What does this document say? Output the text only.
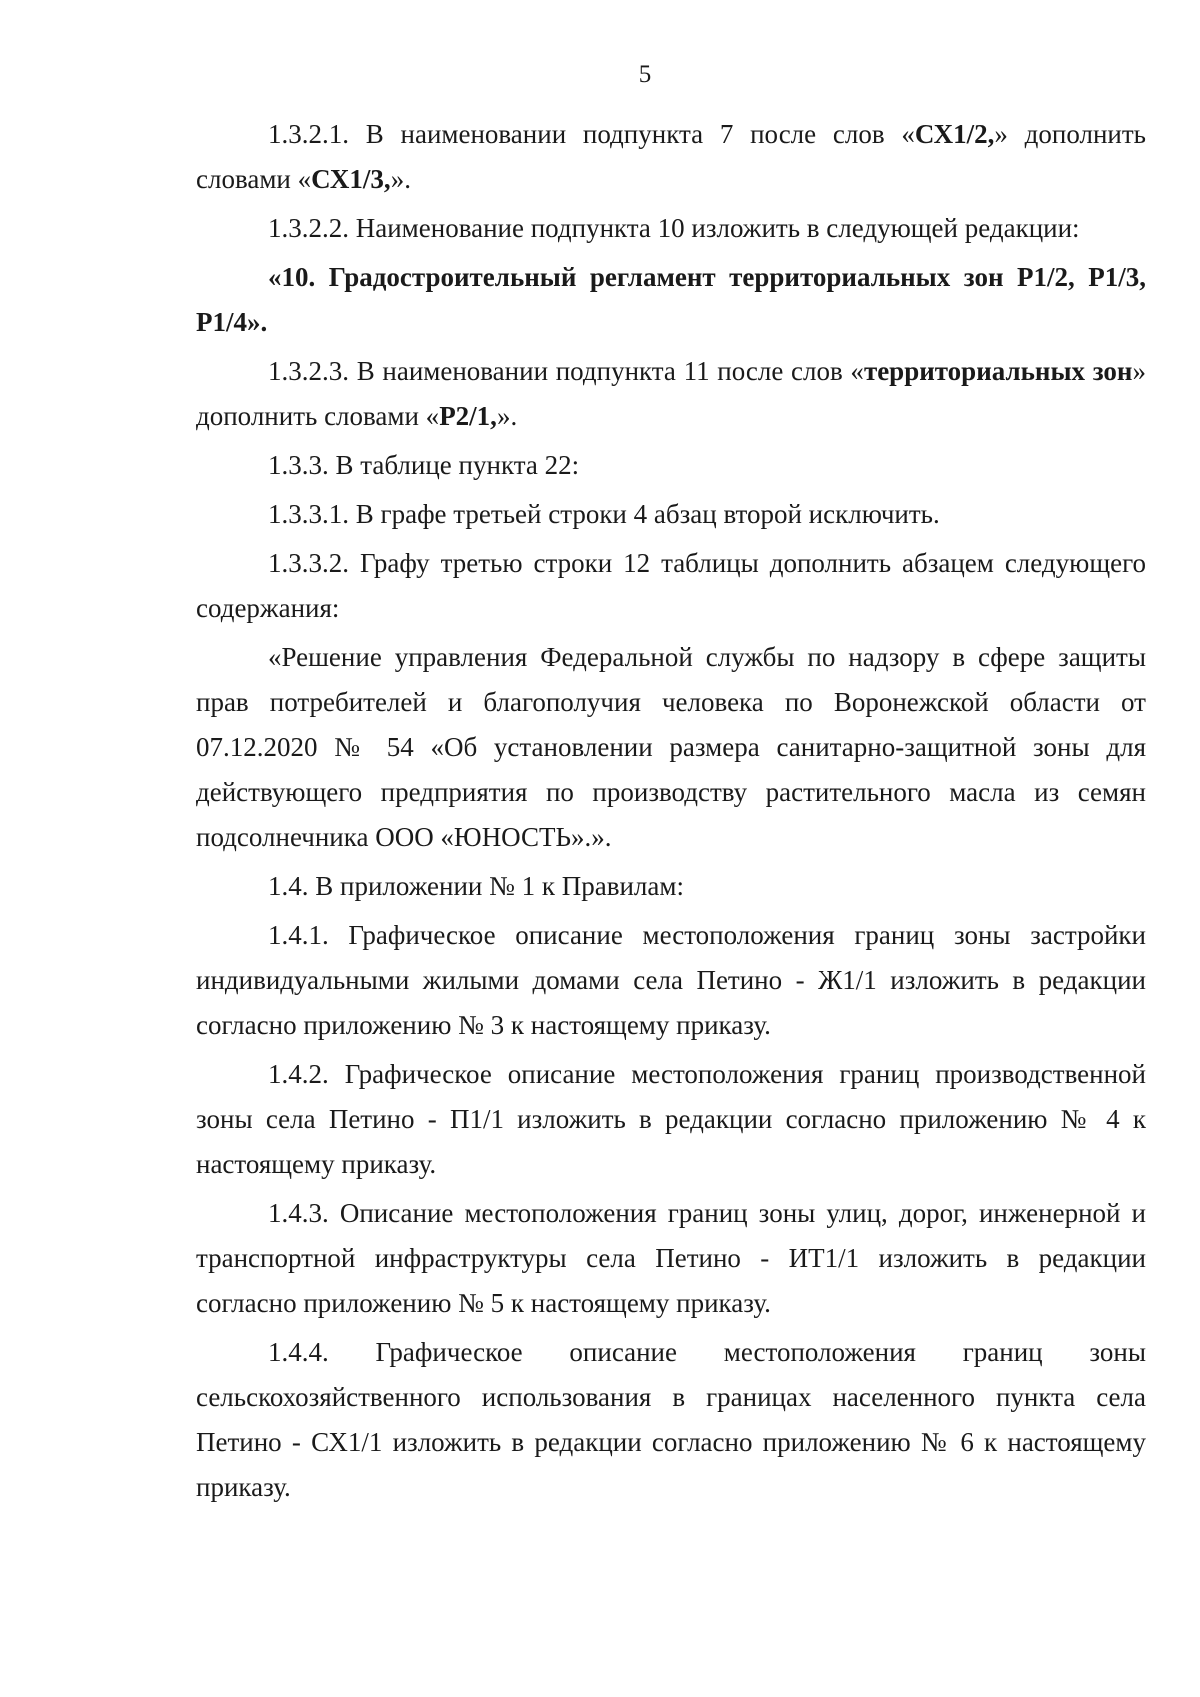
5

1.3.2.1. В наименовании подпункта 7 после слов «СХ1/2,» дополнить словами «СХ1/3,».

1.3.2.2. Наименование подпункта 10 изложить в следующей редакции:

«10. Градостроительный регламент территориальных зон Р1/2, Р1/3, Р1/4».

1.3.2.3. В наименовании подпункта 11 после слов «территориальных зон» дополнить словами «Р2/1,».

1.3.3. В таблице пункта 22:

1.3.3.1. В графе третьей строки 4 абзац второй исключить.

1.3.3.2. Графу третью строки 12 таблицы дополнить абзацем следующего содержания:

«Решение управления Федеральной службы по надзору в сфере защиты прав потребителей и благополучия человека по Воронежской области от 07.12.2020 № 54 «Об установлении размера санитарно-защитной зоны для действующего предприятия по производству растительного масла из семян подсолнечника ООО «ЮНОСТЬ».».

1.4. В приложении № 1 к Правилам:

1.4.1. Графическое описание местоположения границ зоны застройки индивидуальными жилыми домами села Петино - Ж1/1 изложить в редакции согласно приложению № 3 к настоящему приказу.

1.4.2. Графическое описание местоположения границ производственной зоны села Петино - П1/1 изложить в редакции согласно приложению № 4 к настоящему приказу.

1.4.3. Описание местоположения границ зоны улиц, дорог, инженерной и транспортной инфраструктуры села Петино - ИТ1/1 изложить в редакции согласно приложению № 5 к настоящему приказу.

1.4.4. Графическое описание местоположения границ зоны сельскохозяйственного использования в границах населенного пункта села Петино - СХ1/1 изложить в редакции согласно приложению № 6 к настоящему приказу.
